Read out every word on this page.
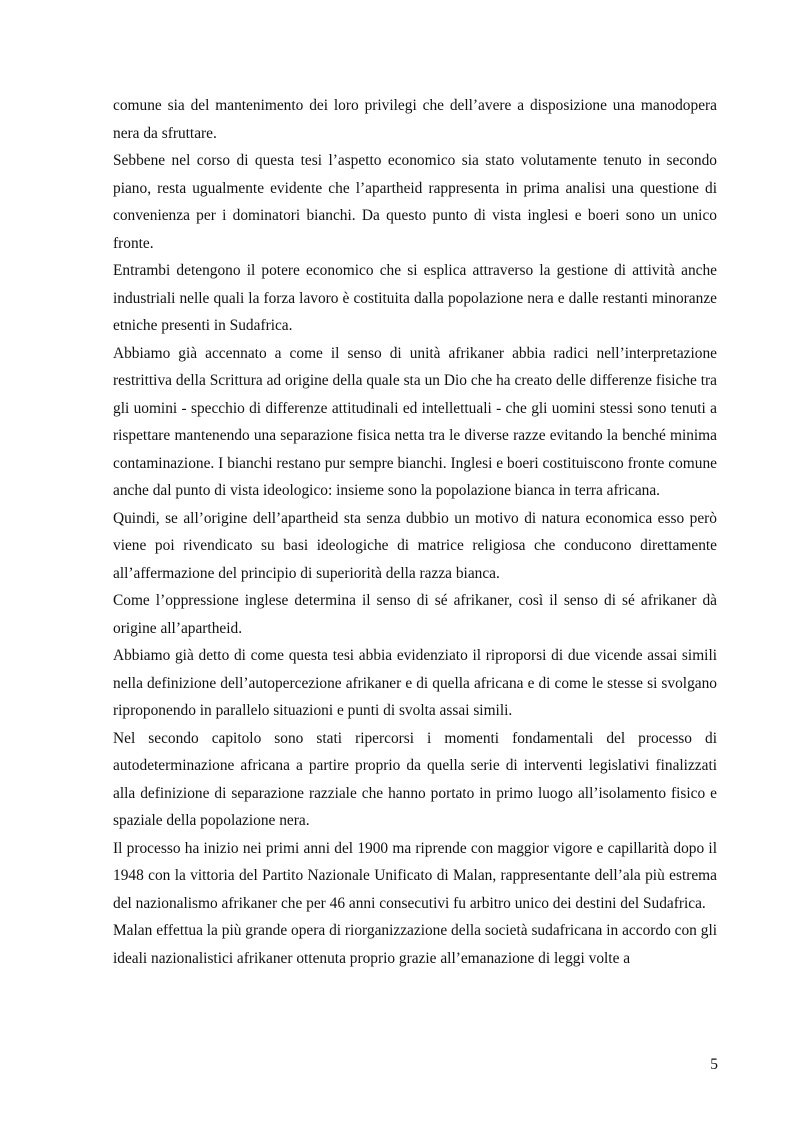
comune sia del mantenimento dei loro privilegi che dell’avere a disposizione una manodopera nera da sfruttare.

Sebbene nel corso di questa tesi l’aspetto economico sia stato volutamente tenuto in secondo piano, resta ugualmente evidente che l’apartheid rappresenta in prima analisi una questione di convenienza per i dominatori bianchi. Da questo punto di vista inglesi e boeri sono un unico fronte.

Entrambi detengono il potere economico che si esplica attraverso la gestione di attività anche industriali nelle quali la forza lavoro è costituita dalla popolazione nera e dalle restanti minoranze etniche presenti in Sudafrica.

Abbiamo già accennato a come il senso di unità afrikaner abbia radici nell’interpretazione restrittiva della Scrittura ad origine della quale sta un Dio che ha creato delle differenze fisiche tra gli uomini - specchio di differenze attitudinali ed intellettuali - che gli uomini stessi sono tenuti a rispettare mantenendo una separazione fisica netta tra le diverse razze evitando la benché minima contaminazione. I bianchi restano pur sempre bianchi. Inglesi e boeri costituiscono fronte comune anche dal punto di vista ideologico: insieme sono la popolazione bianca in terra africana.

Quindi, se all’origine dell’apartheid sta senza dubbio un motivo di natura economica esso però viene poi rivendicato su basi ideologiche di matrice religiosa che conducono direttamente all’affermazione del principio di superiorità della razza bianca.

Come l’oppressione inglese determina il senso di sé afrikaner, così il senso di sé afrikaner dà origine all’apartheid.

Abbiamo già detto di come questa tesi abbia evidenziato il riproporsi di due vicende assai simili nella definizione dell’autopercezione afrikaner e di quella africana e di come le stesse si svolgano riproponendo in parallelo situazioni e punti di svolta assai simili.

Nel secondo capitolo sono stati ripercorsi i momenti fondamentali del processo di autodeterminazione africana a partire proprio da quella serie di interventi legislativi finalizzati alla definizione di separazione razziale che hanno portato in primo luogo all’isolamento fisico e spaziale della popolazione nera.

Il processo ha inizio nei primi anni del 1900 ma riprende con maggior vigore e capillarità dopo il 1948 con la vittoria del Partito Nazionale Unificato di Malan, rappresentante dell’ala più estrema del nazionalismo afrikaner che per 46 anni consecutivi fu arbitro unico dei destini del Sudafrica.

Malan effettua la più grande opera di riorganizzazione della società sudafricana in accordo con gli ideali nazionalistici afrikaner ottenuta proprio grazie all’emanazione di leggi volte a

5
